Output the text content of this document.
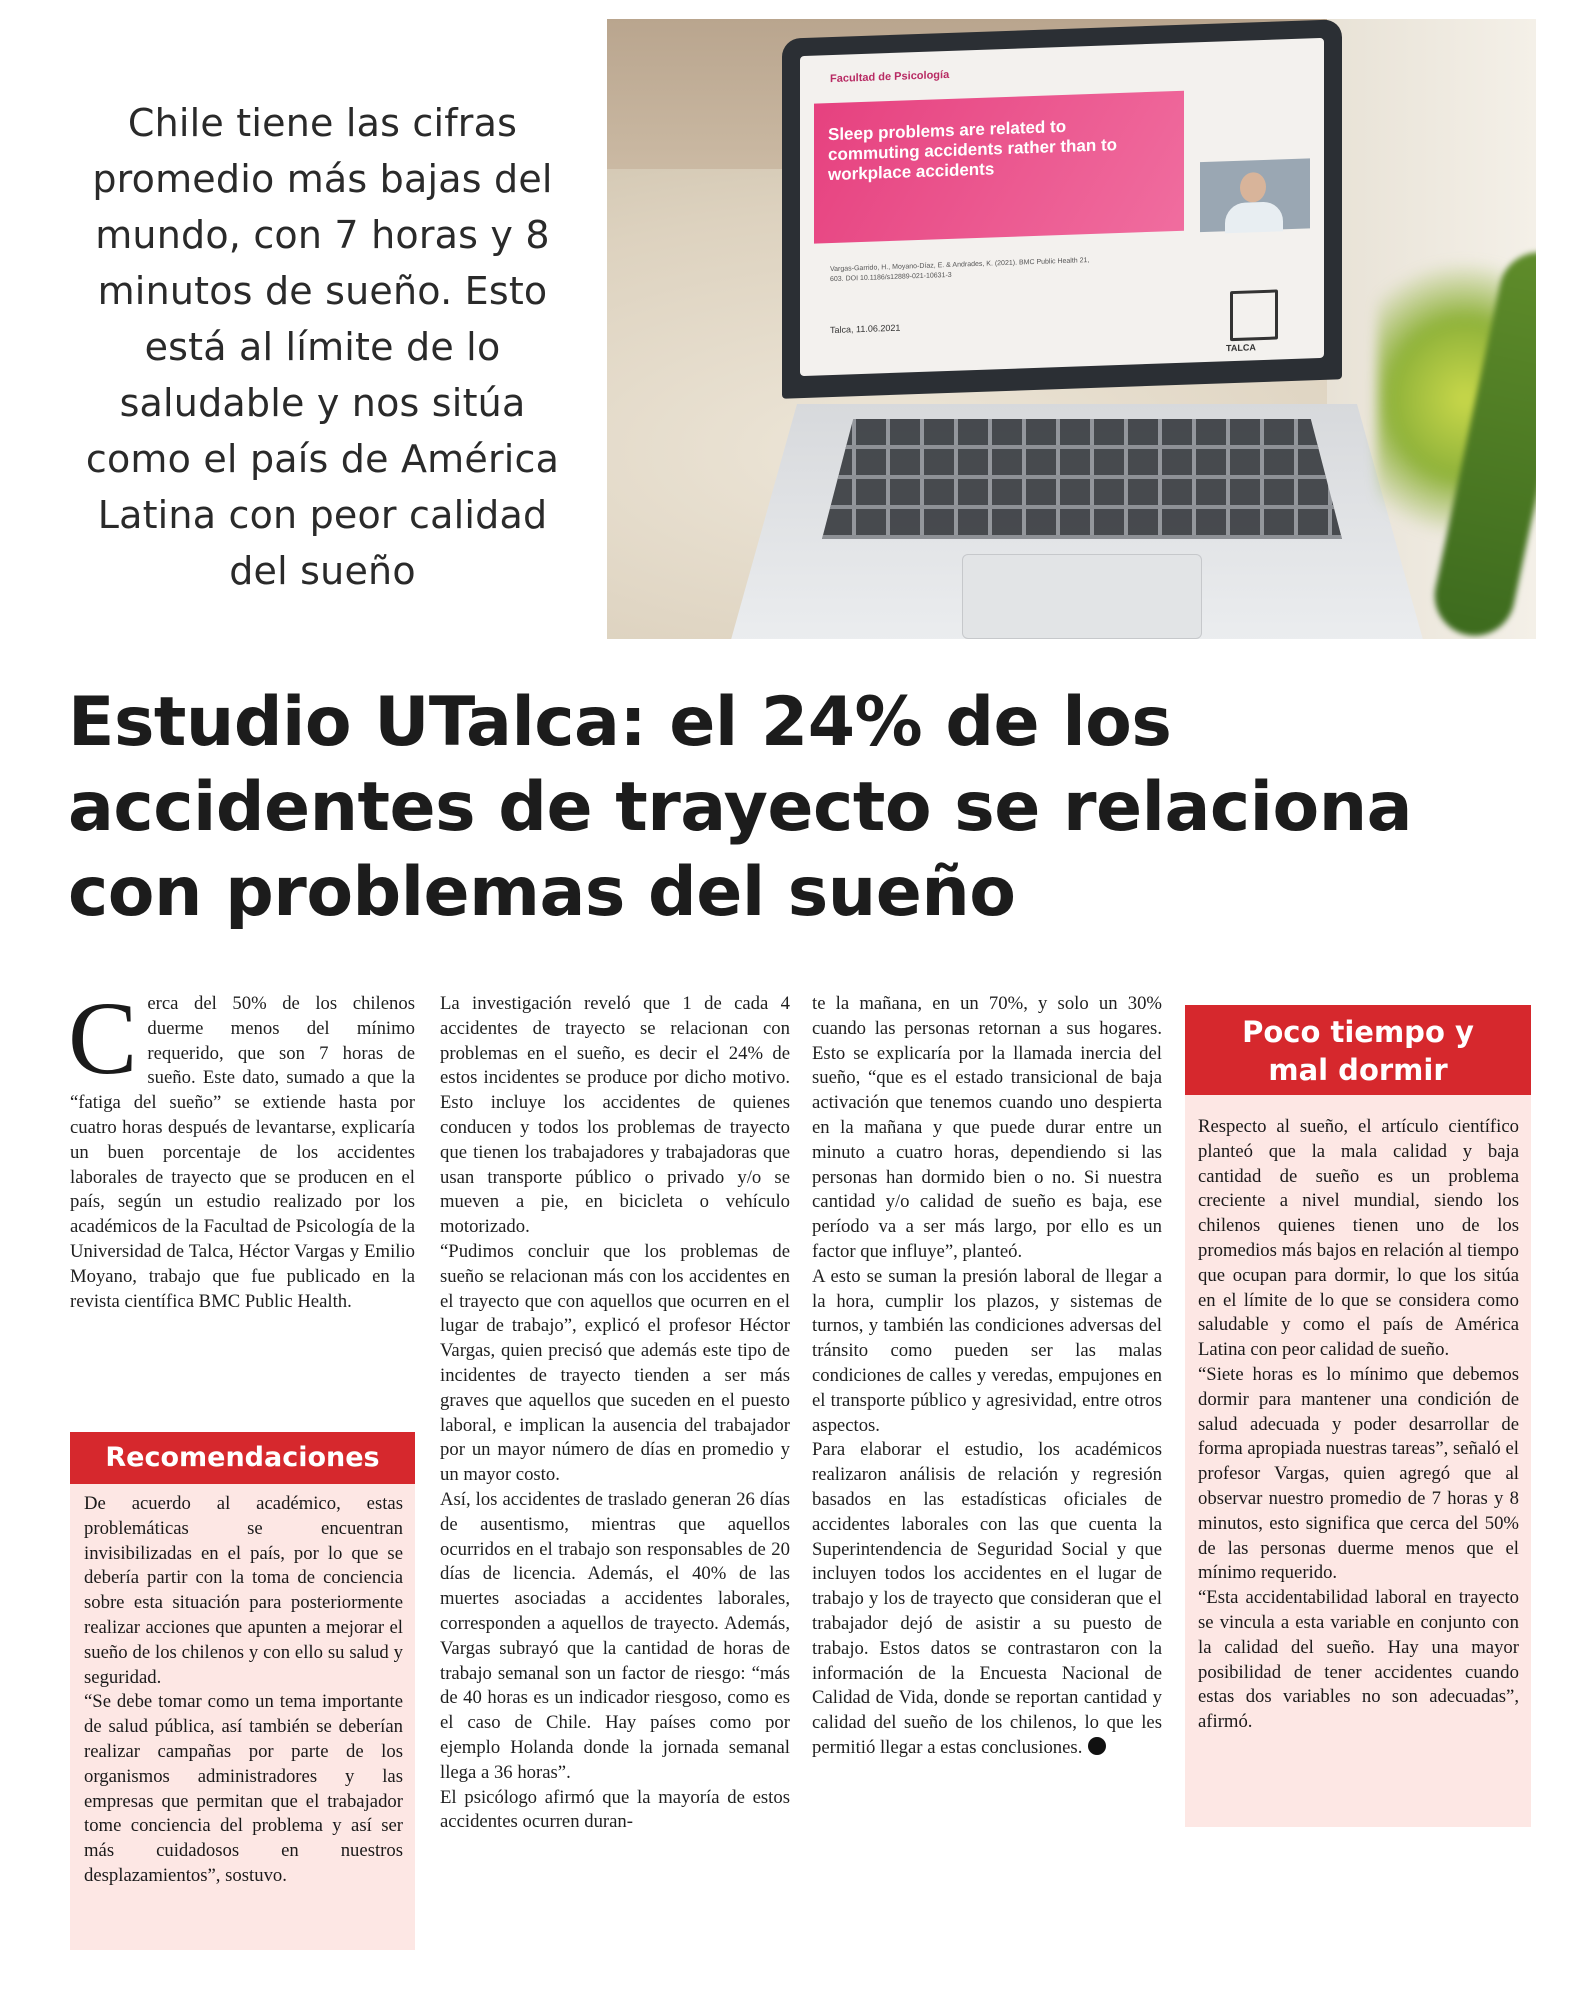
Chile tiene las cifras promedio más bajas del mundo, con 7 horas y 8 minutos de sueño. Esto está al límite de lo saludable y nos sitúa como el país de América Latina con peor calidad del sueño
Facultad de Psicología
Sleep problems are related to commuting accidents rather than to workplace accidents
Vargas-Garrido, H., Moyano-Díaz, E. & Andrades, K. (2021). BMC Public Health 21, 603. DOI 10.1186/s12889-021-10631-3
Talca, 11.06.2021
TALCA
Estudio UTalca: el 24% de los accidentes de trayecto se relaciona con problemas del sueño

Cerca del 50% de los chilenos duerme menos del mínimo requerido, que son 7 horas de sueño. Este dato, sumado a que la “fatiga del sueño” se extiende hasta por cuatro horas después de levantarse, explicaría un buen porcentaje de los accidentes laborales de trayecto que se producen en el país, según un estudio realizado por los académicos de la Facultad de Psicología de la Universidad de Talca, Héctor Vargas y Emilio Moyano, trabajo que fue publicado en la revista científica BMC Public Health.

Recomendaciones

De acuerdo al académico, estas problemáticas se encuentran invisibilizadas en el país, por lo que se debería partir con la toma de conciencia sobre esta situación para posteriormente realizar acciones que apunten a mejorar el sueño de los chilenos y con ello su salud y seguridad.

“Se debe tomar como un tema importante de salud pública, así también se deberían realizar campañas por parte de los organismos administradores y las empresas que permitan que el trabajador tome conciencia del problema y así ser más cuidadosos en nuestros desplazamientos”, sostuvo.

La investigación reveló que 1 de cada 4 accidentes de trayecto se relacionan con problemas en el sueño, es decir el 24% de estos incidentes se produce por dicho motivo. Esto incluye los accidentes de quienes conducen y todos los problemas de trayecto que tienen los trabajadores y trabajadoras que usan transporte público o privado y/o se mueven a pie, en bicicleta o vehículo motorizado.

“Pudimos concluir que los problemas de sueño se relacionan más con los accidentes en el trayecto que con aquellos que ocurren en el lugar de trabajo”, explicó el profesor Héctor Vargas, quien precisó que además este tipo de incidentes de trayecto tienden a ser más graves que aquellos que suceden en el puesto laboral, e implican la ausencia del trabajador por un mayor número de días en promedio y un mayor costo.

Así, los accidentes de traslado generan 26 días de ausentismo, mientras que aquellos ocurridos en el trabajo son responsables de 20 días de licencia. Además, el 40% de las muertes asociadas a accidentes laborales, corresponden a aquellos de trayecto. Además, Vargas subrayó que la cantidad de horas de trabajo semanal son un factor de riesgo: “más de 40 horas es un indicador riesgoso, como es el caso de Chile. Hay países como por ejemplo Holanda donde la jornada semanal llega a 36 horas”.

El psicólogo afirmó que la mayoría de estos accidentes ocurren duran-

te la mañana, en un 70%, y solo un 30% cuando las personas retornan a sus hogares. Esto se explicaría por la llamada inercia del sueño, “que es el estado transicional de baja activación que tenemos cuando uno despierta en la mañana y que puede durar entre un minuto a cuatro horas, dependiendo si las personas han dormido bien o no. Si nuestra cantidad y/o calidad de sueño es baja, ese período va a ser más largo, por ello es un factor que influye”, planteó.

A esto se suman la presión laboral de llegar a la hora, cumplir los plazos, y sistemas de turnos, y también las condiciones adversas del tránsito como pueden ser las malas condiciones de calles y veredas, empujones en el transporte público y agresividad, entre otros aspectos.

Para elaborar el estudio, los académicos realizaron análisis de relación y regresión basados en las estadísticas oficiales de accidentes laborales con las que cuenta la Superintendencia de Seguridad Social y que incluyen todos los accidentes en el lugar de trabajo y los de trayecto que consideran que el trabajador dejó de asistir a su puesto de trabajo. Estos datos se contrastaron con la información de la Encuesta Nacional de Calidad de Vida, donde se reportan cantidad y calidad del sueño de los chilenos, lo que les permitió llegar a estas conclusiones.

Poco tiempo y
mal dormir

Respecto al sueño, el artículo científico planteó que la mala calidad y baja cantidad de sueño es un problema creciente a nivel mundial, siendo los chilenos quienes tienen uno de los promedios más bajos en relación al tiempo que ocupan para dormir, lo que los sitúa en el límite de lo que se considera como saludable y como el país de América Latina con peor calidad de sueño.

“Siete horas es lo mínimo que debemos dormir para mantener una condición de salud adecuada y poder desarrollar de forma apropiada nuestras tareas”, señaló el profesor Vargas, quien agregó que al observar nuestro promedio de 7 horas y 8 minutos, esto significa que cerca del 50% de las personas duerme menos que el mínimo requerido.

“Esta accidentabilidad laboral en trayecto se vincula a esta variable en conjunto con la calidad del sueño. Hay una mayor posibilidad de tener accidentes cuando estas dos variables no son adecuadas”, afirmó.
